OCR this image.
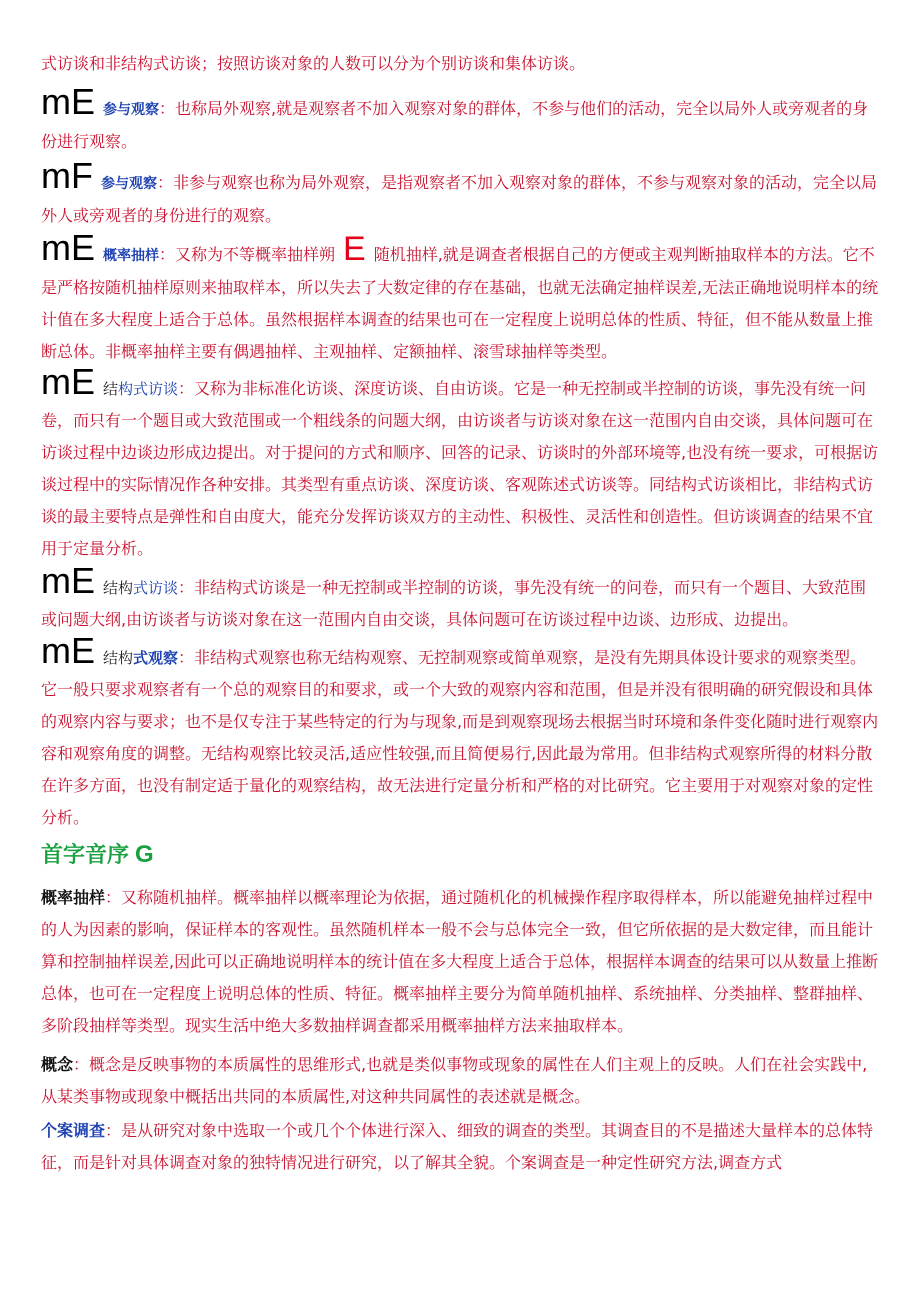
式访谈和非结构式访谈；按照访谈对象的人数可以分为个别访谈和集体访谈。

mE 参与观察：也称局外观察,就是观察者不加入观察对象的群体，不参与他们的活动，完全以局外人或旁观者的身份进行观察。

mF 参与观察：非参与观察也称为局外观察，是指观察者不加入观察对象的群体，不参与观察对象的活动，完全以局外人或旁观者的身份进行的观察。

mE 概率抽样：又称为不等概率抽样朔 E 随机抽样,就是调查者根据自己的方便或主观判断抽取样本的方法。它不是严格按随机抽样原则来抽取样本，所以失去了大数定律的存在基础，也就无法确定抽样误差,无法正确地说明样本的统计值在多大程度上适合于总体。虽然根据样本调查的结果也可在一定程度上说明总体的性质、特征，但不能从数量上推断总体。非概率抽样主要有偶遇抽样、主观抽样、定额抽样、滚雪球抽样等类型。

mE 结构式访谈：又称为非标准化访谈、深度访谈、自由访谈。它是一种无控制或半控制的访谈，事先没有统一问卷，而只有一个题目或大致范围或一个粗线条的问题大纲，由访谈者与访谈对象在这一范围内自由交谈，具体问题可在访谈过程中边谈边形成边提出。对于提问的方式和顺序、回答的记录、访谈时的外部环境等,也没有统一要求，可根据访谈过程中的实际情况作各种安排。其类型有重点访谈、深度访谈、客观陈述式访谈等。同结构式访谈相比，非结构式访谈的最主要特点是弹性和自由度大，能充分发挥访谈双方的主动性、积极性、灵活性和创造性。但访谈调查的结果不宜用于定量分析。

mE 结构式访谈：非结构式访谈是一种无控制或半控制的访谈，事先没有统一的问卷，而只有一个题目、大致范围或问题大纲,由访谈者与访谈对象在这一范围内自由交谈，具体问题可在访谈过程中边谈、边形成、边提出。

mE 结构式观察：非结构式观察也称无结构观察、无控制观察或简单观察，是没有先期具体设计要求的观察类型。它一般只要求观察者有一个总的观察目的和要求，或一个大致的观察内容和范围，但是并没有很明确的研究假设和具体的观察内容与要求；也不是仅专注于某些特定的行为与现象,而是到观察现场去根据当时环境和条件变化随时进行观察内容和观察角度的调整。无结构观察比较灵活,适应性较强,而且简便易行,因此最为常用。但非结构式观察所得的材料分散在许多方面，也没有制定适于量化的观察结构，故无法进行定量分析和严格的对比研究。它主要用于对观察对象的定性分析。

首字音序 G

概率抽样：又称随机抽样。概率抽样以概率理论为依据，通过随机化的机械操作程序取得样本，所以能避免抽样过程中的人为因素的影响，保证样本的客观性。虽然随机样本一般不会与总体完全一致，但它所依据的是大数定律，而且能计算和控制抽样误差,因此可以正确地说明样本的统计值在多大程度上适合于总体，根据样本调查的结果可以从数量上推断总体，也可在一定程度上说明总体的性质、特征。概率抽样主要分为简单随机抽样、系统抽样、分类抽样、整群抽样、多阶段抽样等类型。现实生活中绝大多数抽样调查都采用概率抽样方法来抽取样本。

概念：概念是反映事物的本质属性的思维形式,也就是类似事物或现象的属性在人们主观上的反映。人们在社会实践中,从某类事物或现象中概括出共同的本质属性,对这种共同属性的表述就是概念。

个案调查：是从研究对象中选取一个或几个个体进行深入、细致的调查的类型。其调查目的不是描述大量样本的总体特征，而是针对具体调查对象的独特情况进行研究，以了解其全貌。个案调查是一种定性研究方法,调查方式
